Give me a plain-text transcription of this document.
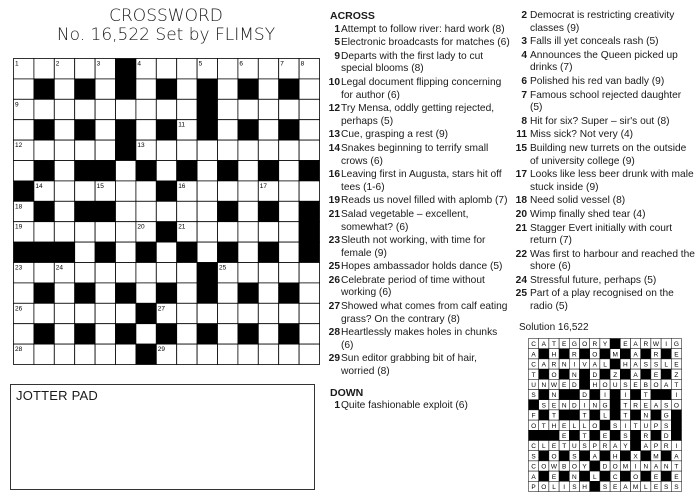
CROSSWORD
No. 16,522 Set by FLIMSY
1	2	3	4	5	6	7	8
9	10
11
12	13
14	15	16	17
18
19	20	21
22
23	24	25
26	27
28	29
JOTTER PAD
ACROSS
1 Attempt to follow river: hard work (8)
5 Electronic broadcasts for matches (6)
9 Departs with the first lady to cut special blooms (8)
10 Legal document flipping concerning for author (6)
12 Try Mensa, oddly getting rejected, perhaps (5)
13 Cue, grasping a rest (9)
14 Snakes beginning to terrify small crows (6)
16 Leaving first in Augusta, stars hit off tees (1-6)
19 Reads us novel filled with aplomb (7)
21 Salad vegetable – excellent, somewhat? (6)
23 Sleuth not working, with time for female (9)
25 Hopes ambassador holds dance (5)
26 Celebrate period of time without working (6)
27 Showed what comes from calf eating grass? On the contrary (8)
28 Heartlessly makes holes in chunks (6)
29 Sun editor grabbing bit of hair, worried (8)
DOWN
1 Quite fashionable exploit (6)
2 Democrat is restricting creativity classes (9)
3 Falls ill yet conceals rash (5)
4 Announces the Queen picked up drinks (7)
6 Polished his red van badly (9)
7 Famous school rejected daughter (5)
8 Hit for six? Super – sir's out (8)
11 Miss sick? Not very (4)
15 Building new turrets on the outside of university college (9)
17 Looks like less beer drunk with male stuck inside (9)
18 Need solid vessel (8)
20 Wimp finally shed tear (4)
21 Stagger Evert initially with court return (7)
22 Was first to harbour and reached the shore (6)
24 Stressful future, perhaps (5)
25 Part of a play recognised on the radio (5)
Solution 16,522
C A T E G O R Y E A R W I G
A H R O M A R E
C A R N I V A L H A S S L E
T O N D Z A E Z
U N W E D H O U S E B O A T
S N	D	I	I	T	I
S E N D I N G T R E A S O
F	T	T	L	T N G
O T H E L L O S I T U P S
E T E S R D
C L E T U S P R A Y A P R I
S O S A H X M A
C O W B O Y D O M I N A N T
A E N L C O E E
P O L I S H S E A M L E S S
